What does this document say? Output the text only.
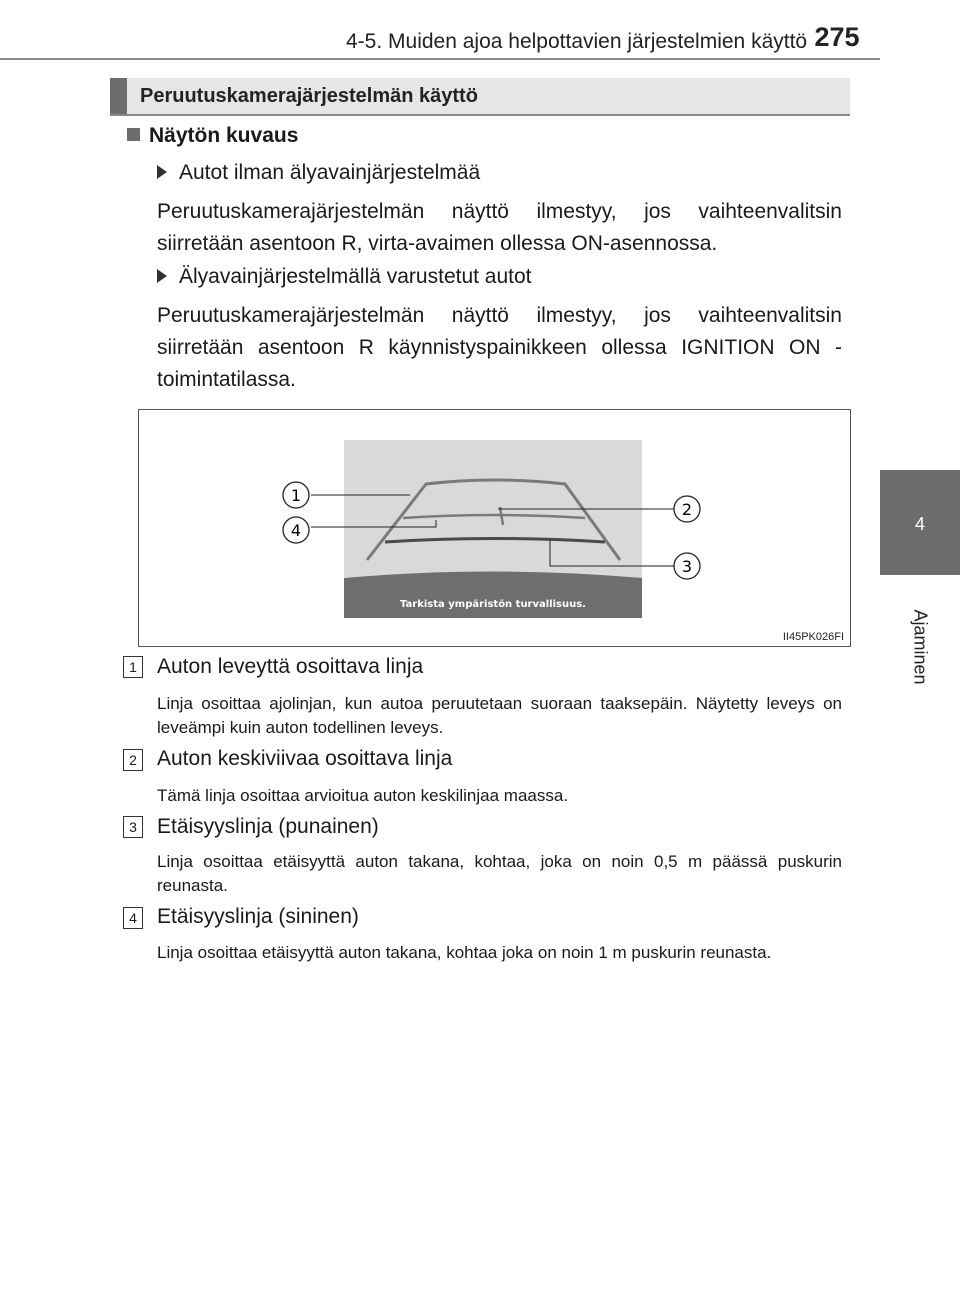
4-5. Muiden ajoa helpottavien järjestelmien käyttö 275
4
Ajaminen
Peruutuskamerajärjestelmän käyttö
Näytön kuvaus
Autot ilman älyavainjärjestelmää
Peruutuskamerajärjestelmän näyttö ilmestyy, jos vaihteenvalitsin siirretään asentoon R, virta-avaimen ollessa ON-asennossa.
Älyavainjärjestelmällä varustetut autot
Peruutuskamerajärjestelmän näyttö ilmestyy, jos vaihteenvalitsin siirretään asentoon R käynnistyspainikkeen ollessa IGNITION ON -toimintatilassa.
Tarkista ympäristön turvallisuus.
1
2
3
4
II45PK026FI
1 Auton leveyttä osoittava linja
Linja osoittaa ajolinjan, kun autoa peruutetaan suoraan taaksepäin. Näytetty leveys on leveämpi kuin auton todellinen leveys.
2 Auton keskiviivaa osoittava linja
Tämä linja osoittaa arvioitua auton keskilinjaa maassa.
3 Etäisyyslinja (punainen)
Linja osoittaa etäisyyttä auton takana, kohtaa, joka on noin 0,5 m päässä puskurin reunasta.
4 Etäisyyslinja (sininen)
Linja osoittaa etäisyyttä auton takana, kohtaa joka on noin 1 m puskurin reunasta.
